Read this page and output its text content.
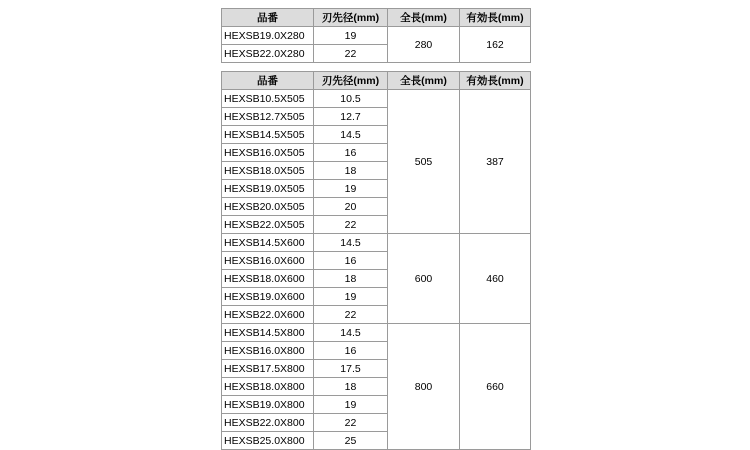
品番	刃先径(mm)	全長(mm)	有効長(mm)
HEXSB19.0X280	19	280	162
HEXSB22.0X280	22		
品番	刃先径(mm)	全長(mm)	有効長(mm)
HEXSB10.5X505	10.5	505	387
HEXSB12.7X505	12.7		
HEXSB14.5X505	14.5		
HEXSB16.0X505	16		
HEXSB18.0X505	18		
HEXSB19.0X505	19		
HEXSB20.0X505	20		
HEXSB22.0X505	22		
HEXSB14.5X600	14.5	600	460
HEXSB16.0X600	16		
HEXSB18.0X600	18		
HEXSB19.0X600	19		
HEXSB22.0X600	22		
HEXSB14.5X800	14.5	800	660
HEXSB16.0X800	16		
HEXSB17.5X800	17.5		
HEXSB18.0X800	18		
HEXSB19.0X800	19		
HEXSB22.0X800	22		
HEXSB25.0X800	25		
